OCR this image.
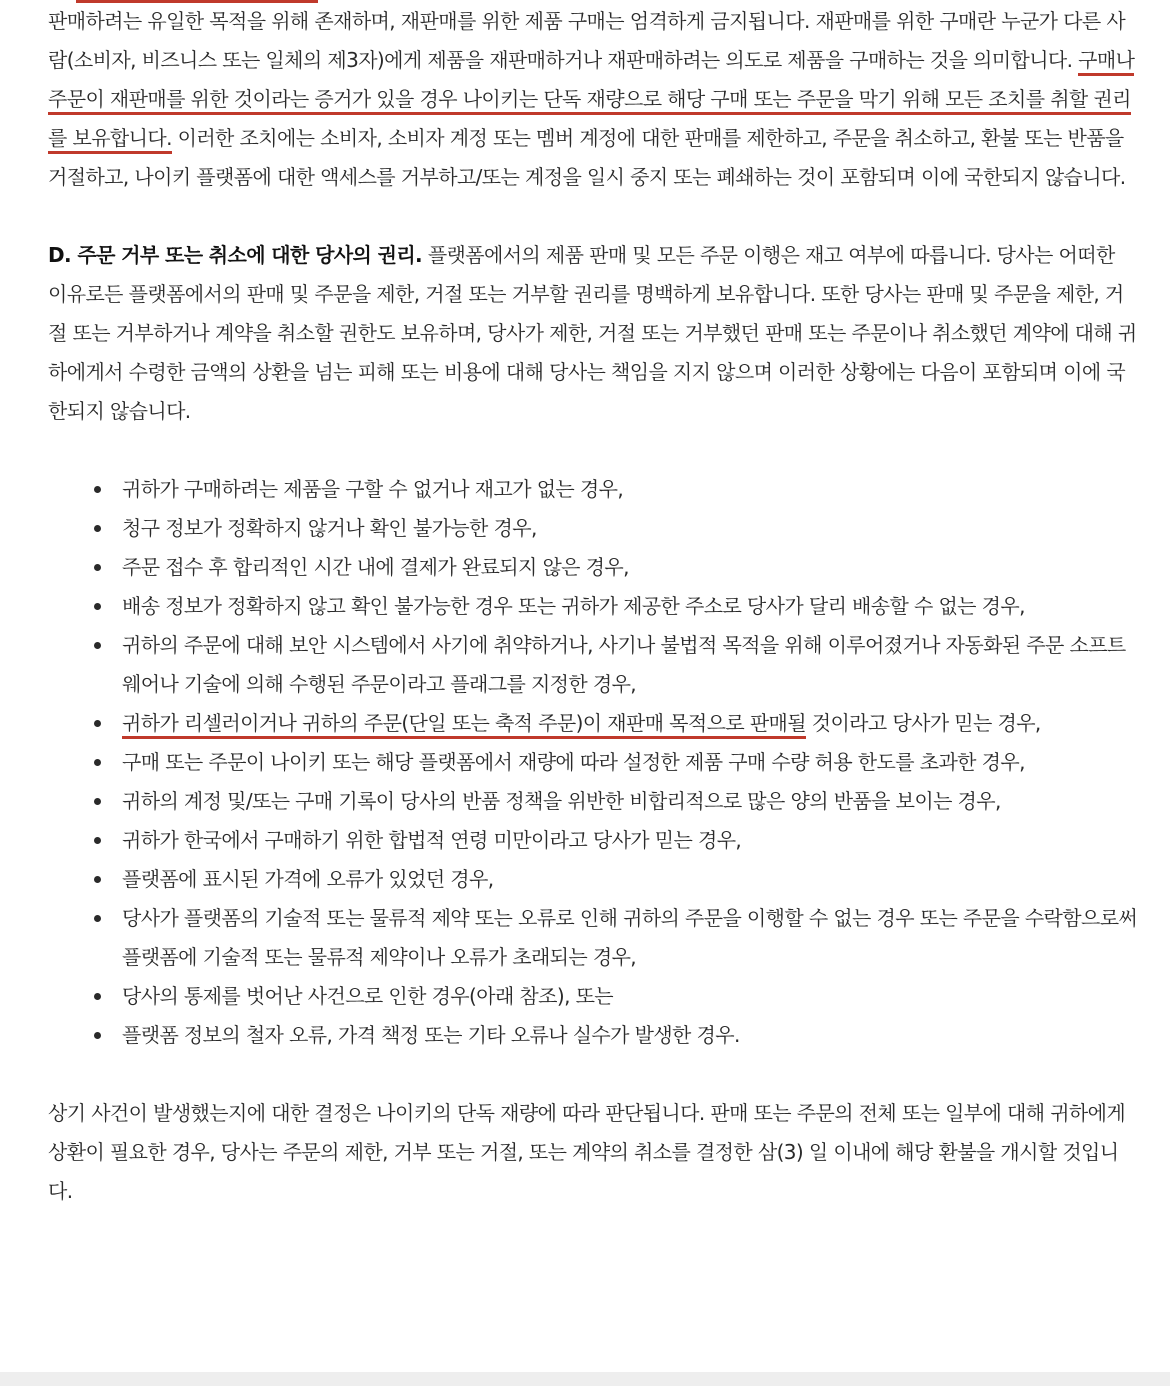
판매하려는 유일한 목적을 위해 존재하며, 재판매를 위한 제품 구매는 엄격하게 금지됩니다. 재판매를 위한 구매란 누군가 다른 사람(소비자, 비즈니스 또는 일체의 제3자)에게 제품을 재판매하거나 재판매하려는 의도로 제품을 구매하는 것을 의미합니다. 구매나 주문이 재판매를 위한 것이라는 증거가 있을 경우 나이키는 단독 재량으로 해당 구매 또는 주문을 막기 위해 모든 조치를 취할 권리를 보유합니다. 이러한 조치에는 소비자, 소비자 계정 또는 멤버 계정에 대한 판매를 제한하고, 주문을 취소하고, 환불 또는 반품을 거절하고, 나이키 플랫폼에 대한 액세스를 거부하고/또는 계정을 일시 중지 또는 폐쇄하는 것이 포함되며 이에 국한되지 않습니다.

D. 주문 거부 또는 취소에 대한 당사의 권리. 플랫폼에서의 제품 판매 및 모든 주문 이행은 재고 여부에 따릅니다. 당사는 어떠한 이유로든 플랫폼에서의 판매 및 주문을 제한, 거절 또는 거부할 권리를 명백하게 보유합니다. 또한 당사는 판매 및 주문을 제한, 거절 또는 거부하거나 계약을 취소할 권한도 보유하며, 당사가 제한, 거절 또는 거부했던 판매 또는 주문이나 취소했던 계약에 대해 귀하에게서 수령한 금액의 상환을 넘는 피해 또는 비용에 대해 당사는 책임을 지지 않으며 이러한 상황에는 다음이 포함되며 이에 국한되지 않습니다.

귀하가 구매하려는 제품을 구할 수 없거나 재고가 없는 경우,
청구 정보가 정확하지 않거나 확인 불가능한 경우,
주문 접수 후 합리적인 시간 내에 결제가 완료되지 않은 경우,
배송 정보가 정확하지 않고 확인 불가능한 경우 또는 귀하가 제공한 주소로 당사가 달리 배송할 수 없는 경우,
귀하의 주문에 대해 보안 시스템에서 사기에 취약하거나, 사기나 불법적 목적을 위해 이루어졌거나 자동화된 주문 소프트웨어나 기술에 의해 수행된 주문이라고 플래그를 지정한 경우,
귀하가 리셀러이거나 귀하의 주문(단일 또는 축적 주문)이 재판매 목적으로 판매될 것이라고 당사가 믿는 경우,
구매 또는 주문이 나이키 또는 해당 플랫폼에서 재량에 따라 설정한 제품 구매 수량 허용 한도를 초과한 경우,
귀하의 계정 및/또는 구매 기록이 당사의 반품 정책을 위반한 비합리적으로 많은 양의 반품을 보이는 경우,
귀하가 한국에서 구매하기 위한 합법적 연령 미만이라고 당사가 믿는 경우,
플랫폼에 표시된 가격에 오류가 있었던 경우,
당사가 플랫폼의 기술적 또는 물류적 제약 또는 오류로 인해 귀하의 주문을 이행할 수 없는 경우 또는 주문을 수락함으로써 플랫폼에 기술적 또는 물류적 제약이나 오류가 초래되는 경우,
당사의 통제를 벗어난 사건으로 인한 경우(아래 참조), 또는
플랫폼 정보의 철자 오류, 가격 책정 또는 기타 오류나 실수가 발생한 경우.

상기 사건이 발생했는지에 대한 결정은 나이키의 단독 재량에 따라 판단됩니다. 판매 또는 주문의 전체 또는 일부에 대해 귀하에게 상환이 필요한 경우, 당사는 주문의 제한, 거부 또는 거절, 또는 계약의 취소를 결정한 삼(3) 일 이내에 해당 환불을 개시할 것입니다.
